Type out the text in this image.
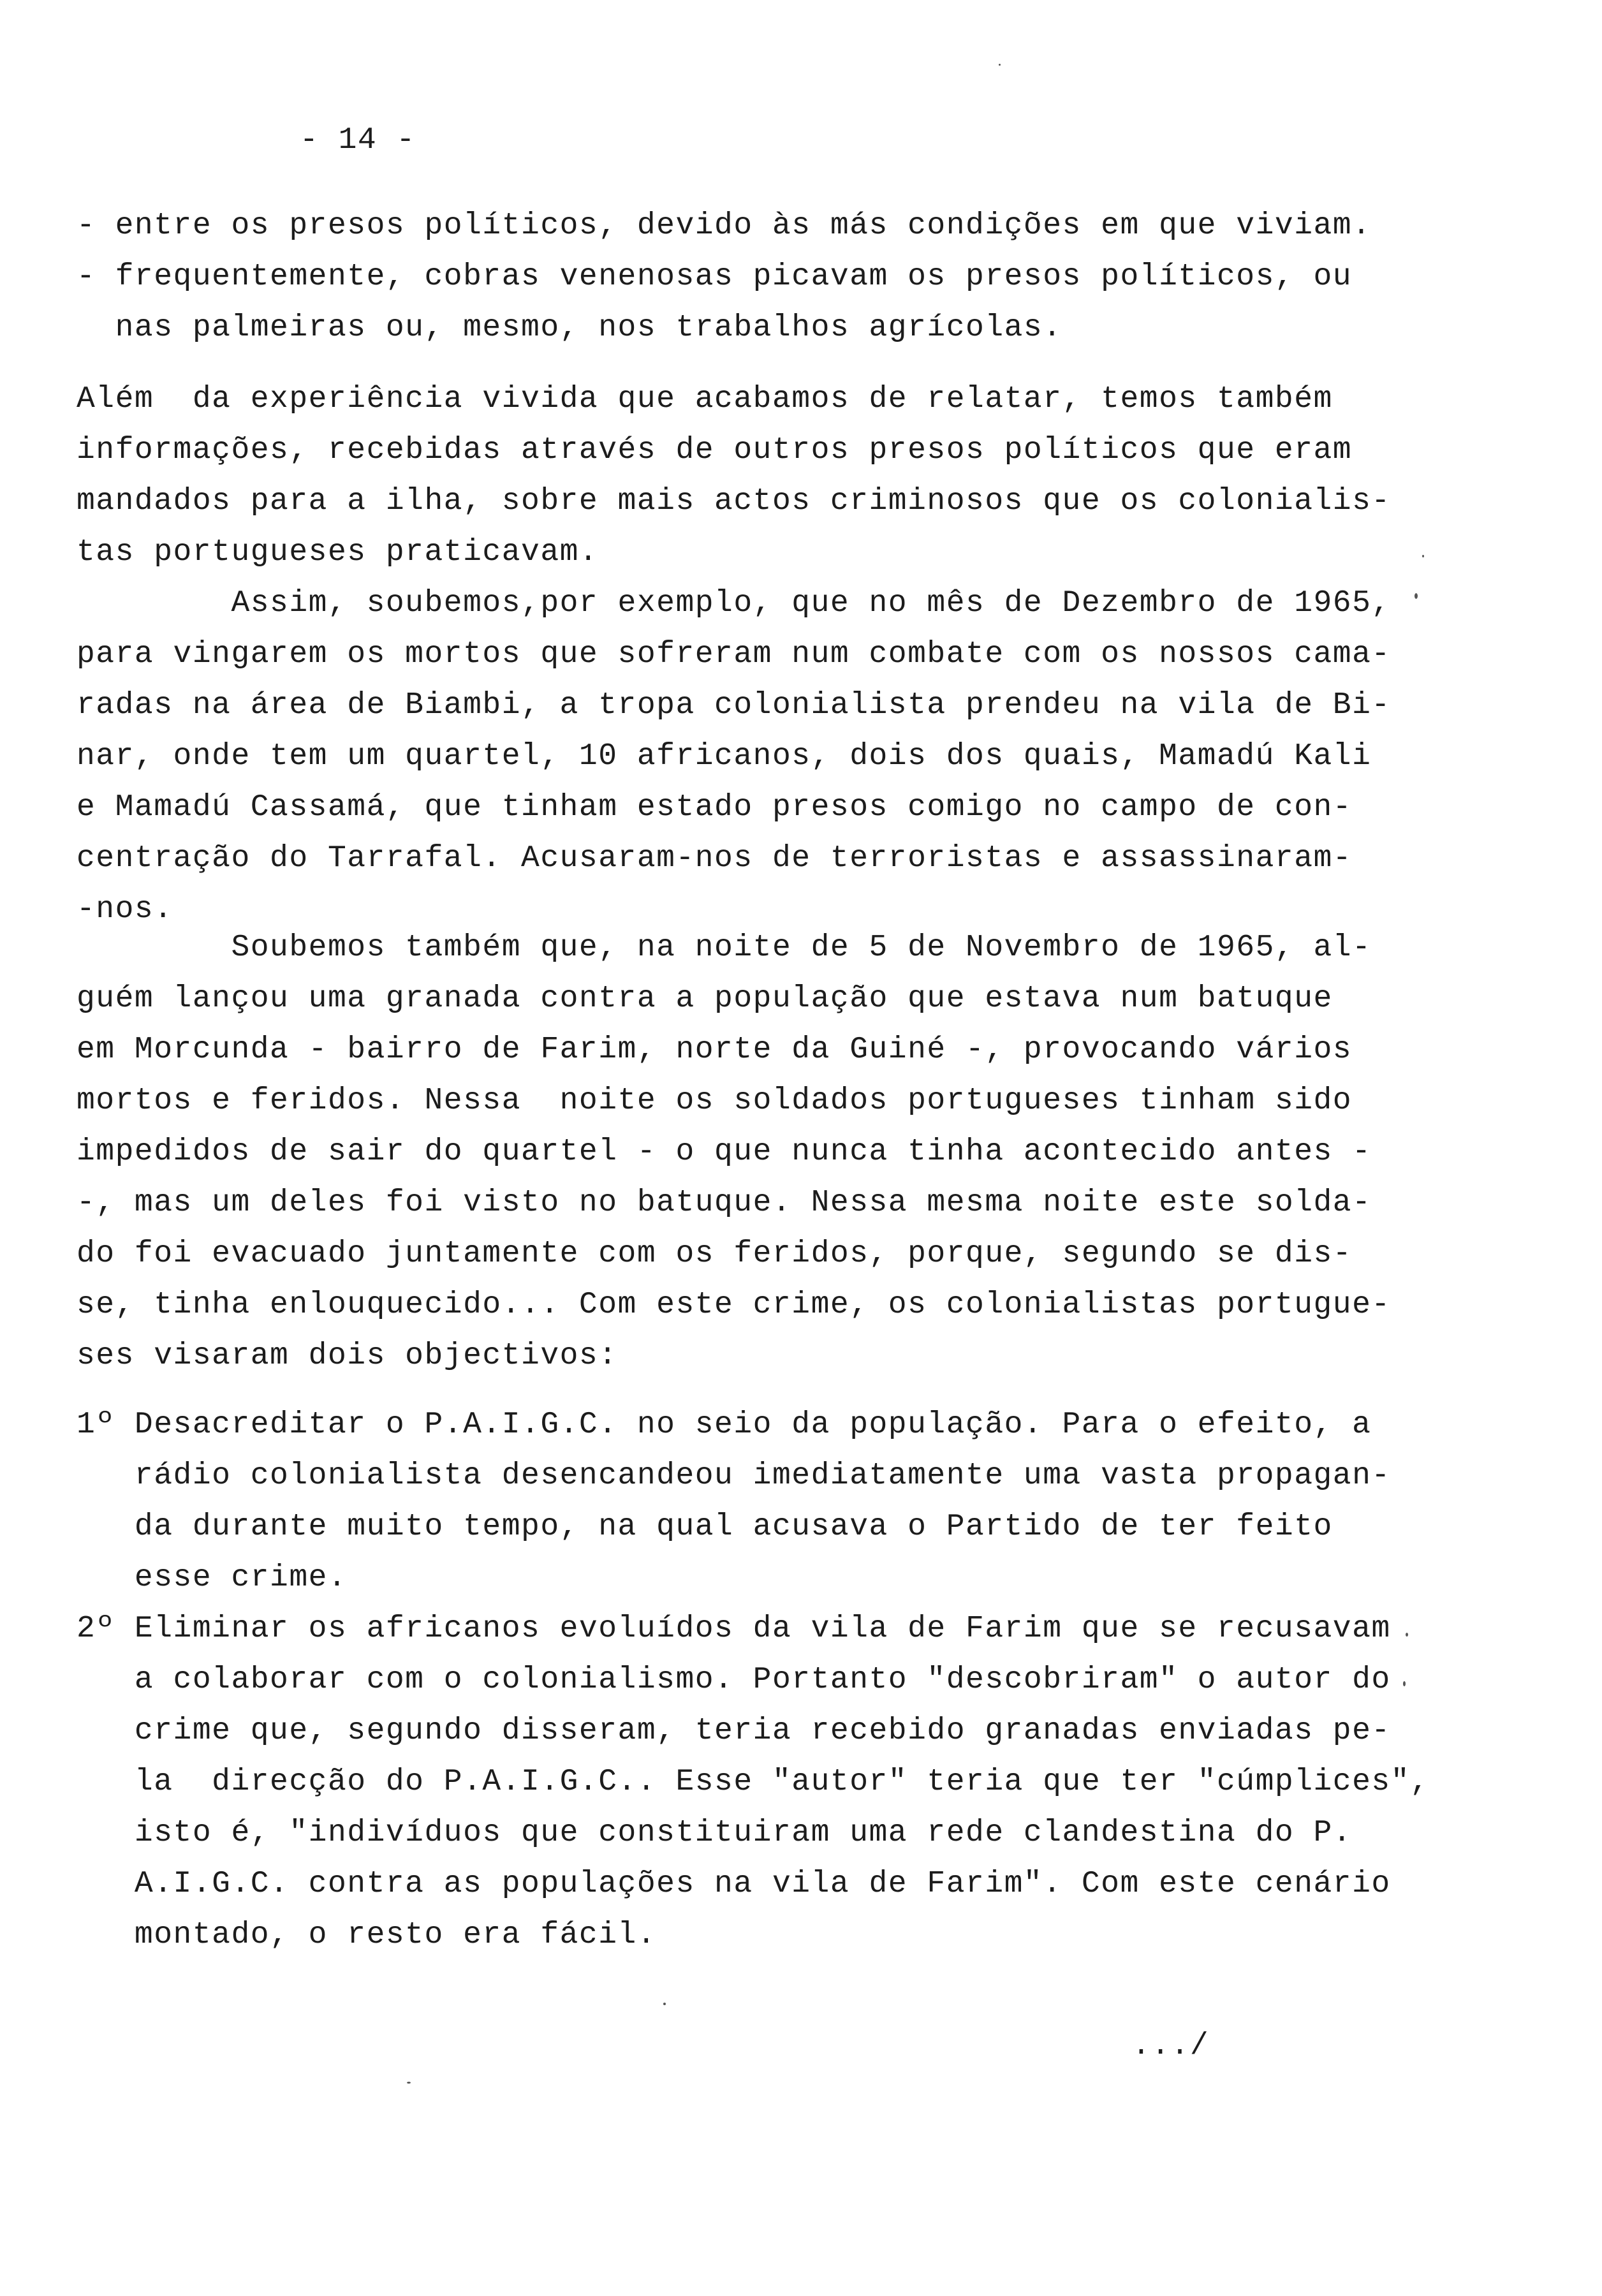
- 14 -
- entre os presos políticos, devido às más condições em que viviam.
- frequentemente, cobras venenosas picavam os presos políticos, ou
nas palmeiras ou, mesmo, nos trabalhos agrícolas.
Além  da experiência vivida que acabamos de relatar, temos também
informações, recebidas através de outros presos políticos que eram
mandados para a ilha, sobre mais actos criminosos que os colonialis-
tas portugueses praticavam.
Assim, soubemos,por exemplo, que no mês de Dezembro de 1965,
para vingarem os mortos que sofreram num combate com os nossos cama-
radas na área de Biambi, a tropa colonialista prendeu na vila de Bi-
nar, onde tem um quartel, 10 africanos, dois dos quais, Mamadú Kali
e Mamadú Cassamá, que tinham estado presos comigo no campo de con-
centração do Tarrafal. Acusaram-nos de terroristas e assassinaram-
-nos.
Soubemos também que, na noite de 5 de Novembro de 1965, al-
guém lançou uma granada contra a população que estava num batuque
em Morcunda - bairro de Farim, norte da Guiné -, provocando vários
mortos e feridos. Nessa  noite os soldados portugueses tinham sido
impedidos de sair do quartel - o que nunca tinha acontecido antes -
-, mas um deles foi visto no batuque. Nessa mesma noite este solda-
do foi evacuado juntamente com os feridos, porque, segundo se dis-
se, tinha enlouquecido... Com este crime, os colonialistas portugue-
ses visaram dois objectivos:
1º Desacreditar o P.A.I.G.C. no seio da população. Para o efeito, a
rádio colonialista desencandeou imediatamente uma vasta propagan-
da durante muito tempo, na qual acusava o Partido de ter feito
esse crime.
2º Eliminar os africanos evoluídos da vila de Farim que se recusavam
a colaborar com o colonialismo. Portanto "descobriram" o autor do
crime que, segundo disseram, teria recebido granadas enviadas pe-
la  direcção do P.A.I.G.C.. Esse "autor" teria que ter "cúmplices",
isto é, "indivíduos que constituiram uma rede clandestina do P.
A.I.G.C. contra as populações na vila de Farim". Com este cenário
montado, o resto era fácil.
.../
